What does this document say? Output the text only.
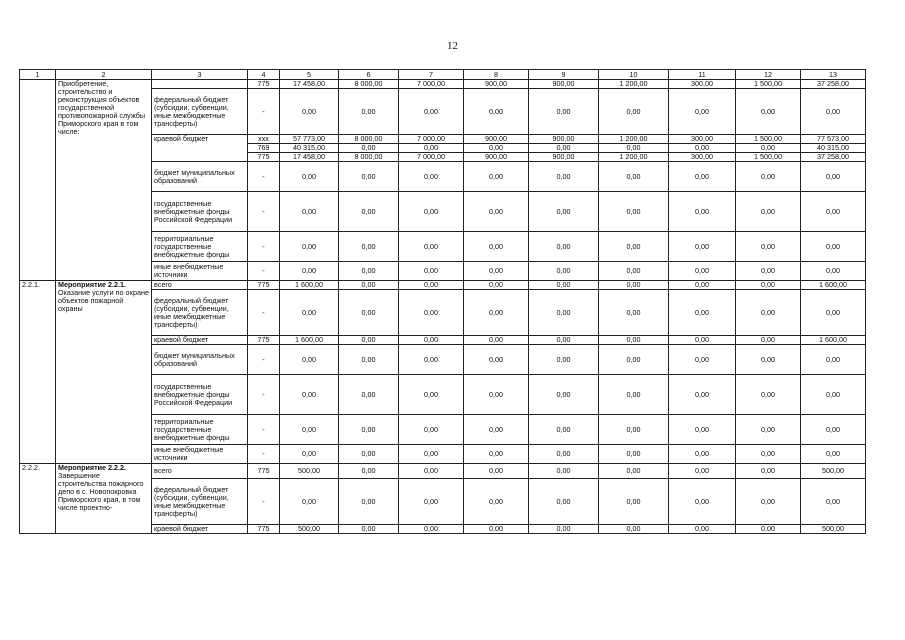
12
1	2	3	4	5	6	7	8	9	10	11	12	13
	Приобретение, строительство и реконструкция объектов государственной противопожарной службы Приморского края в том числе:		775	17 458,00	8 000,00	7 000,00	900,00	900,00	1 200,00	300,00	1 500,00	37 258,00
		федеральный бюджет (субсидии, субвенции, иные межбюджетные трансферты)	-	0,00	0,00	0,00	0,00	0,00	0,00	0,00	0,00	0,00
		краевой бюджет	ххх	57 773,00	8 000,00	7 000,00	900,00	900,00	1 200,00	300,00	1 500,00	77 573,00
			769	40 315,00	0,00	0,00	0,00	0,00	0,00	0,00	0,00	40 315,00
			775	17 458,00	8 000,00	7 000,00	900,00	900,00	1 200,00	300,00	1 500,00	37 258,00
		бюджет муниципальных образований	-	0,00	0,00	0,00	0,00	0,00	0,00	0,00	0,00	0,00
		государственные внебюджетные фонды Российской Федерации	-	0,00	0,00	0,00	0,00	0,00	0,00	0,00	0,00	0,00
		территориальные государственные внебюджетные фонды	-	0,00	0,00	0,00	0,00	0,00	0,00	0,00	0,00	0,00
		иные внебюджетные источники	-	0,00	0,00	0,00	0,00	0,00	0,00	0,00	0,00	0,00
2.2.1.	Мероприятие 2.2.1. Оказание услуги по охране объектов пожарной охраны	всего	775	1 600,00	0,00	0,00	0,00	0,00	0,00	0,00	0,00	1 600,00
		федеральный бюджет (субсидии, субвенции, иные межбюджетные трансферты)	-	0,00	0,00	0,00	0,00	0,00	0,00	0,00	0,00	0,00
		краевой бюджет	775	1 600,00	0,00	0,00	0,00	0,00	0,00	0,00	0,00	1 600,00
		бюджет муниципальных образований	-	0,00	0,00	0,00	0,00	0,00	0,00	0,00	0,00	0,00
		государственные внебюджетные фонды Российской Федерации	-	0,00	0,00	0,00	0,00	0,00	0,00	0,00	0,00	0,00
		территориальные государственные внебюджетные фонды	-	0,00	0,00	0,00	0,00	0,00	0,00	0,00	0,00	0,00
		иные внебюджетные источники	-	0,00	0,00	0,00	0,00	0,00	0,00	0,00	0,00	0,00
2.2.2.	Мероприятие 2.2.2. Завершение строительства пожарного депо в с. Новопокровка Приморского края, в том числе проектно-	всего	775	500,00	0,00	0,00	0,00	0,00	0,00	0,00	0,00	500,00
		федеральный бюджет (субсидии, субвенции, иные межбюджетные трансферты)	-	0,00	0,00	0,00	0,00	0,00	0,00	0,00	0,00	0,00
		краевой бюджет	775	500,00	0,00	0,00	0,00	0,00	0,00	0,00	0,00	500,00
